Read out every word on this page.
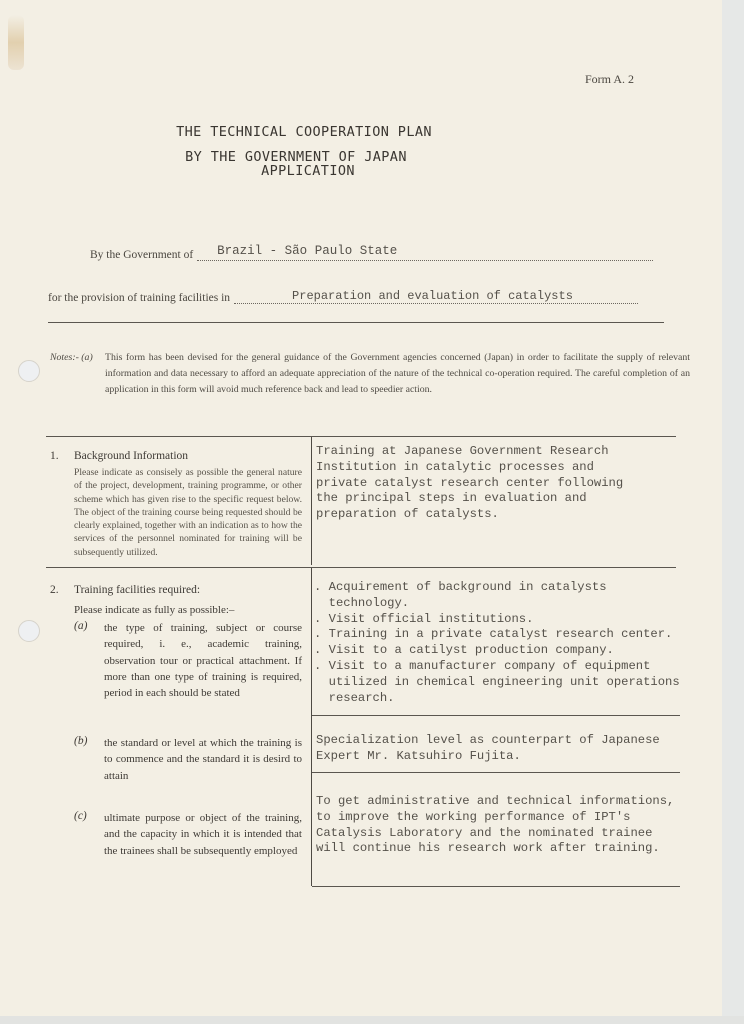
Form A. 2
THE TECHNICAL COOPERATION PLAN
BY THE GOVERNMENT OF JAPAN
APPLICATION
By the Government of Brazil - São Paulo State
for the provision of training facilities in	Preparation and evaluation of catalysts
Notes:- (a) This form has been devised for the general guidance of the Government agencies concerned (Japan) in order to facilitate the supply of relevant information and data necessary to afford an adequate appreciation of the nature of the technical co-operation required. The careful completion of an application in this form will avoid much reference back and lead to speedier action.
1. Background Information
Please indicate as consisely as possible the general nature of the project, development, training programme, or other scheme which has given rise to the specific request below. The object of the training course being requested should be clearly explained, together with an indication as to how the services of the personnel nominated for training will be subsequently utilized.
Training at Japanese Government Research
Institution in catalytic processes and
private catalyst research center following
the principal steps in evaluation and
preparation of catalysts.
2. Training facilities required:
Please indicate as fully as possible:–
(a) the type of training, subject or course required, i. e., academic training, observation tour or practical attachment. If more than one type of training is required, period in each should be stated
. Acquirement of background in catalysts
technology.
. Visit official institutions.
. Training in a private catalyst research center.
. Visit to a catilyst production company.
. Visit to a manufacturer company of equipment
utilized in chemical engineering unit operations
research.
(b) the standard or level at which the training is to commence and the standard it is desird to attain
Specialization level as counterpart of Japanese
Expert Mr. Katsuhiro Fujita.
(c) ultimate purpose or object of the training, and the capacity in which it is intended that the trainees shall be subsequently employed
To get administrative and technical informations,
to improve the working performance of IPT's
Catalysis Laboratory and the nominated trainee
will continue his research work after training.
